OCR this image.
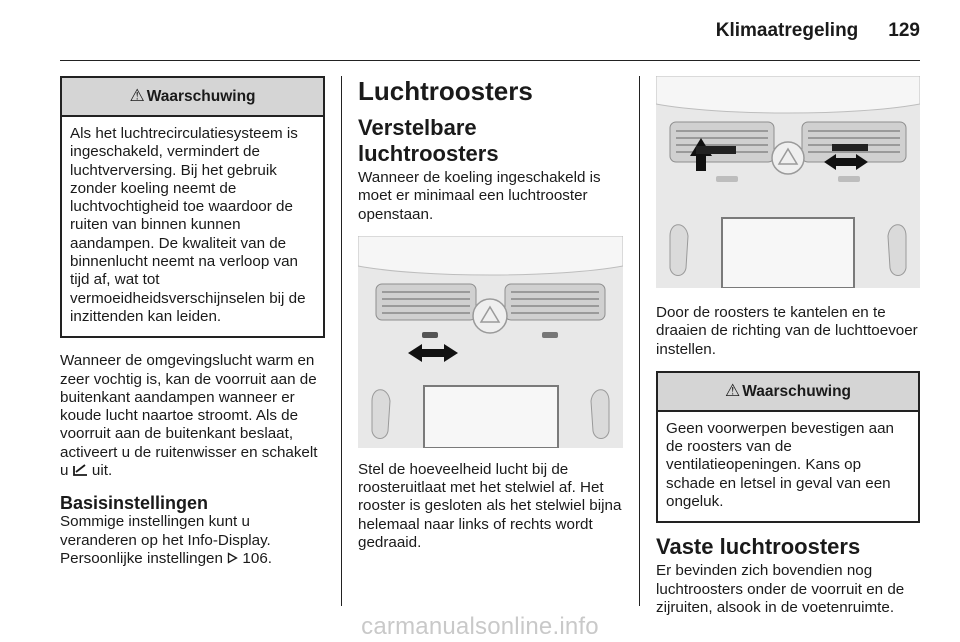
Klimaatregeling 129
⚠ Waarschuwing
Als het luchtrecirculatiesysteem is ingeschakeld, vermindert de luchtverversing. Bij het gebruik zonder koeling neemt de luchtvochtigheid toe waardoor de ruiten van binnen kunnen aandampen. De kwaliteit van de binnenlucht neemt na verloop van tijd af, wat tot vermoeidheidsverschijnselen bij de inzittenden kan leiden.

Wanneer de omgevingslucht warm en zeer vochtig is, kan de voorruit aan de buitenkant aandampen wanneer er koude lucht naartoe stroomt. Als de voorruit aan de buitenkant beslaat, activeert u de ruitenwisser en schakelt u uit.

Basisinstellingen

Sommige instellingen kunt u veranderen op het Info-Display. Persoonlijke instellingen 106.

Luchtroosters
Verstelbare luchtroosters

Wanneer de koeling ingeschakeld is moet er minimaal een luchtrooster openstaan.

Stel de hoeveelheid lucht bij de roosteruitlaat met het stelwiel af. Het rooster is gesloten als het stelwiel bijna helemaal naar links of rechts wordt gedraaid.

Door de roosters te kantelen en te draaien de richting van de luchttoevoer instellen.

⚠ Waarschuwing
Geen voorwerpen bevestigen aan de roosters van de ventilatieopeningen. Kans op schade en letsel in geval van een ongeluk.
Vaste luchtroosters

Er bevinden zich bovendien nog luchtroosters onder de voorruit en de zijruiten, alsook in de voetenruimte.

carmanualsonline.info
